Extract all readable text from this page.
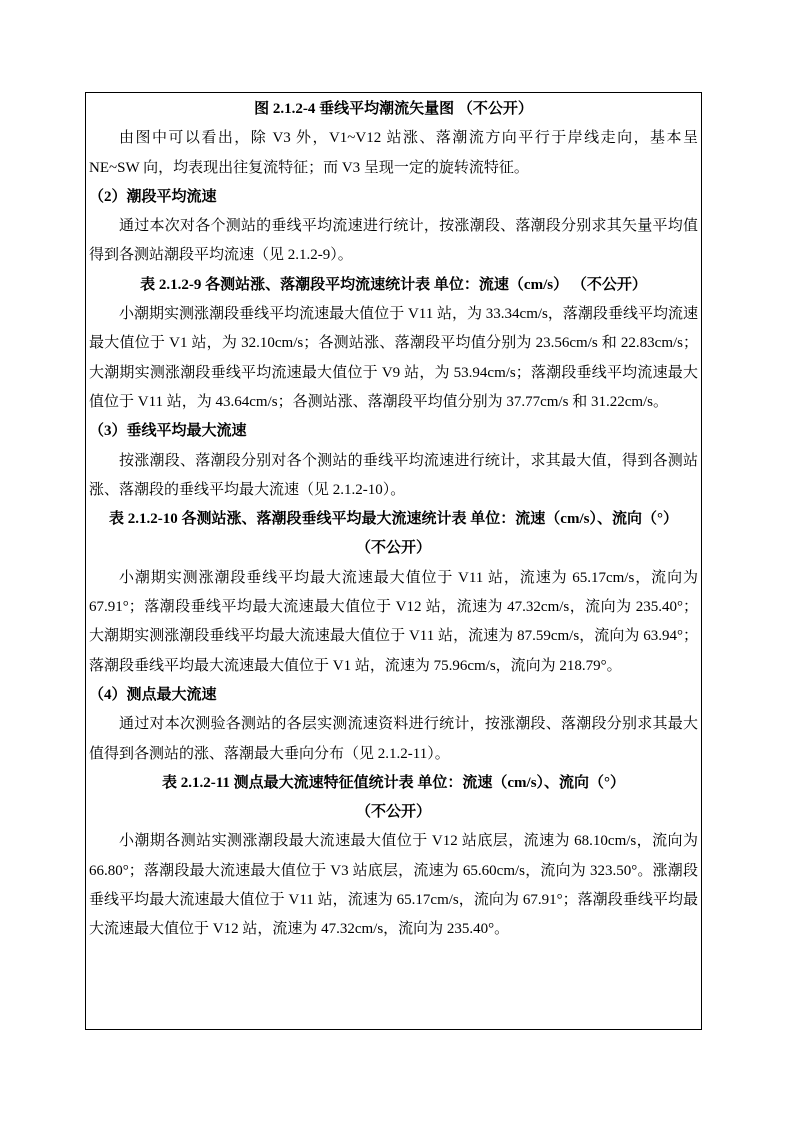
图 2.1.2-4 垂线平均潮流矢量图 （不公开）

由图中可以看出，除 V3 外，V1~V12 站涨、落潮流方向平行于岸线走向，基本呈 NE~SW 向，均表现出往复流特征；而 V3 呈现一定的旋转流特征。

（2）潮段平均流速

通过本次对各个测站的垂线平均流速进行统计，按涨潮段、落潮段分别求其矢量平均值得到各测站潮段平均流速（见 2.1.2-9）。

表 2.1.2-9 各测站涨、落潮段平均流速统计表 单位：流速（cm/s） （不公开）

小潮期实测涨潮段垂线平均流速最大值位于 V11 站，为 33.34cm/s，落潮段垂线平均流速最大值位于 V1 站，为 32.10cm/s；各测站涨、落潮段平均值分别为 23.56cm/s 和 22.83cm/s；大潮期实测涨潮段垂线平均流速最大值位于 V9 站，为 53.94cm/s；落潮段垂线平均流速最大值位于 V11 站，为 43.64cm/s；各测站涨、落潮段平均值分别为 37.77cm/s 和 31.22cm/s。

（3）垂线平均最大流速

按涨潮段、落潮段分别对各个测站的垂线平均流速进行统计，求其最大值，得到各测站涨、落潮段的垂线平均最大流速（见 2.1.2-10）。

表 2.1.2-10 各测站涨、落潮段垂线平均最大流速统计表 单位：流速（cm/s）、流向（°）

（不公开）

小潮期实测涨潮段垂线平均最大流速最大值位于 V11 站，流速为 65.17cm/s，流向为 67.91°；落潮段垂线平均最大流速最大值位于 V12 站，流速为 47.32cm/s，流向为 235.40°；大潮期实测涨潮段垂线平均最大流速最大值位于 V11 站，流速为 87.59cm/s，流向为 63.94°；落潮段垂线平均最大流速最大值位于 V1 站，流速为 75.96cm/s，流向为 218.79°。

（4）测点最大流速

通过对本次测验各测站的各层实测流速资料进行统计，按涨潮段、落潮段分别求其最大值得到各测站的涨、落潮最大垂向分布（见 2.1.2-11）。

表 2.1.2-11 测点最大流速特征值统计表 单位：流速（cm/s）、流向（°）

（不公开）

小潮期各测站实测涨潮段最大流速最大值位于 V12 站底层，流速为 68.10cm/s，流向为 66.80°；落潮段最大流速最大值位于 V3 站底层，流速为 65.60cm/s，流向为 323.50°。涨潮段垂线平均最大流速最大值位于 V11 站，流速为 65.17cm/s，流向为 67.91°；落潮段垂线平均最大流速最大值位于 V12 站，流速为 47.32cm/s，流向为 235.40°。
